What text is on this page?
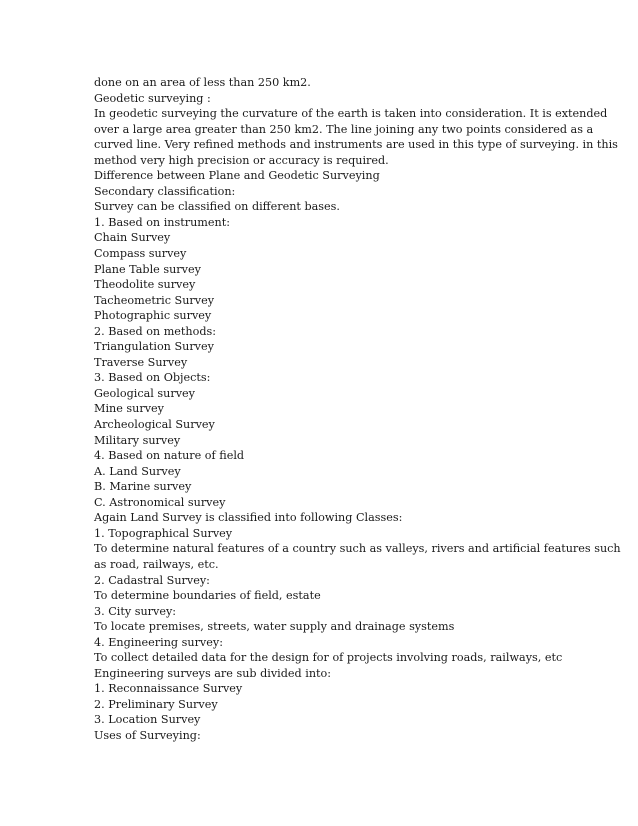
done on an area of less than 250 km2.
Geodetic surveying :
In geodetic surveying the curvature of the earth is taken into consideration. It is extended
over a large area greater than 250 km2. The line joining any two points considered as a
curved line. Very refined methods and instruments are used in this type of surveying. in this
method very high precision or accuracy is required.
Difference between Plane and Geodetic Surveying
Secondary classification:
Survey can be classified on different bases.
1. Based on instrument:
Chain Survey
Compass survey
Plane Table survey
Theodolite survey
Tacheometric Survey
Photographic survey
2. Based on methods:
Triangulation Survey
Traverse Survey
3. Based on Objects:
Geological survey
Mine survey
Archeological Survey
Military survey
4. Based on nature of field
A. Land Survey
B. Marine survey
C. Astronomical survey
Again Land Survey is classified into following Classes:
1. Topographical Survey
To determine natural features of a country such as valleys, rivers and artificial features such
as road, railways, etc.
2. Cadastral Survey:
To determine boundaries of field, estate
3. City survey:
To locate premises, streets, water supply and drainage systems
4. Engineering survey:
To collect detailed data for the design for of projects involving roads, railways, etc
Engineering surveys are sub divided into:
1. Reconnaissance Survey
2. Preliminary Survey
3. Location Survey
Uses of Surveying:
